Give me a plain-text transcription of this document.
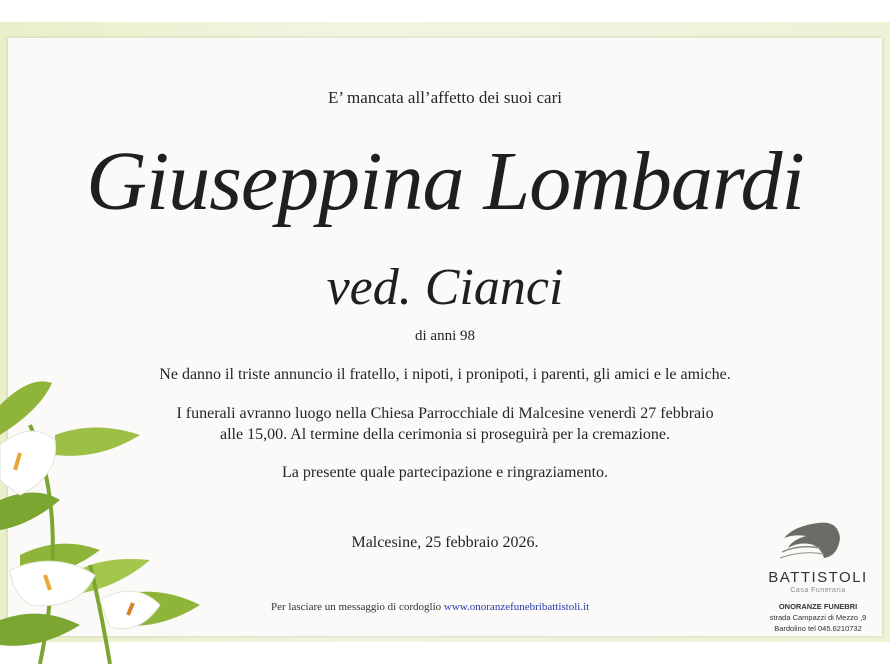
E’ mancata all’affetto dei suoi cari
Giuseppina Lombardi
ved. Cianci
di anni 98
Ne danno il triste annuncio il fratello, i nipoti, i pronipoti, i parenti, gli amici e le amiche.
I funerali avranno luogo nella Chiesa Parrocchiale di Malcesine venerdì 27 febbraio
alle 15,00. Al termine della cerimonia si proseguirà per la cremazione.
La presente quale partecipazione e ringraziamento.
Malcesine, 25 febbraio 2026.
Per lasciare un messaggio di cordoglio www.onoranzefunebribattistoli.it
BATTISTOLI
Casa Funeraria
ONORANZE FUNEBRI
strada Campazzi di Mezzo ,9
Bardolino tel 045.6210732
